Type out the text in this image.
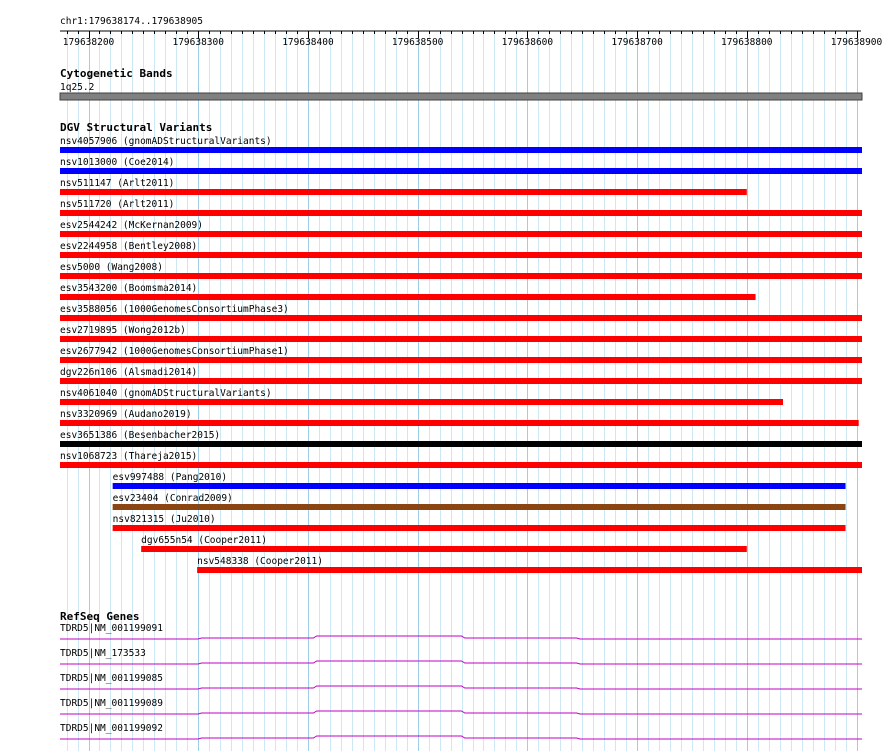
chr1:179638174..179638905
179638200	179638300	179638400	179638500	179638600	179638700	179638800	179638900
Cytogenetic Bands
1q25.2
DGV Structural Variants
nsv4057906 (gnomADStructuralVariants)
nsv1013000 (Coe2014)
nsv511147 (Arlt2011)
nsv511720 (Arlt2011)
esv2544242 (McKernan2009)
esv2244958 (Bentley2008)
esv5000 (Wang2008)
esv3543200 (Boomsma2014)
esv3588056 (1000GenomesConsortiumPhase3)
esv2719895 (Wong2012b)
esv2677942 (1000GenomesConsortiumPhase1)
dgv226n106 (Alsmadi2014)
nsv4061040 (gnomADStructuralVariants)
nsv3320969 (Audano2019)
esv3651386 (Besenbacher2015)
nsv1068723 (Thareja2015)
esv997488 (Pang2010)
esv23404 (Conrad2009)
nsv821315 (Ju2010)
dgv655n54 (Cooper2011)
nsv548338 (Cooper2011)
RefSeq Genes
TDRD5|NM_001199091
TDRD5|NM_173533
TDRD5|NM_001199085
TDRD5|NM_001199089
TDRD5|NM_001199092
